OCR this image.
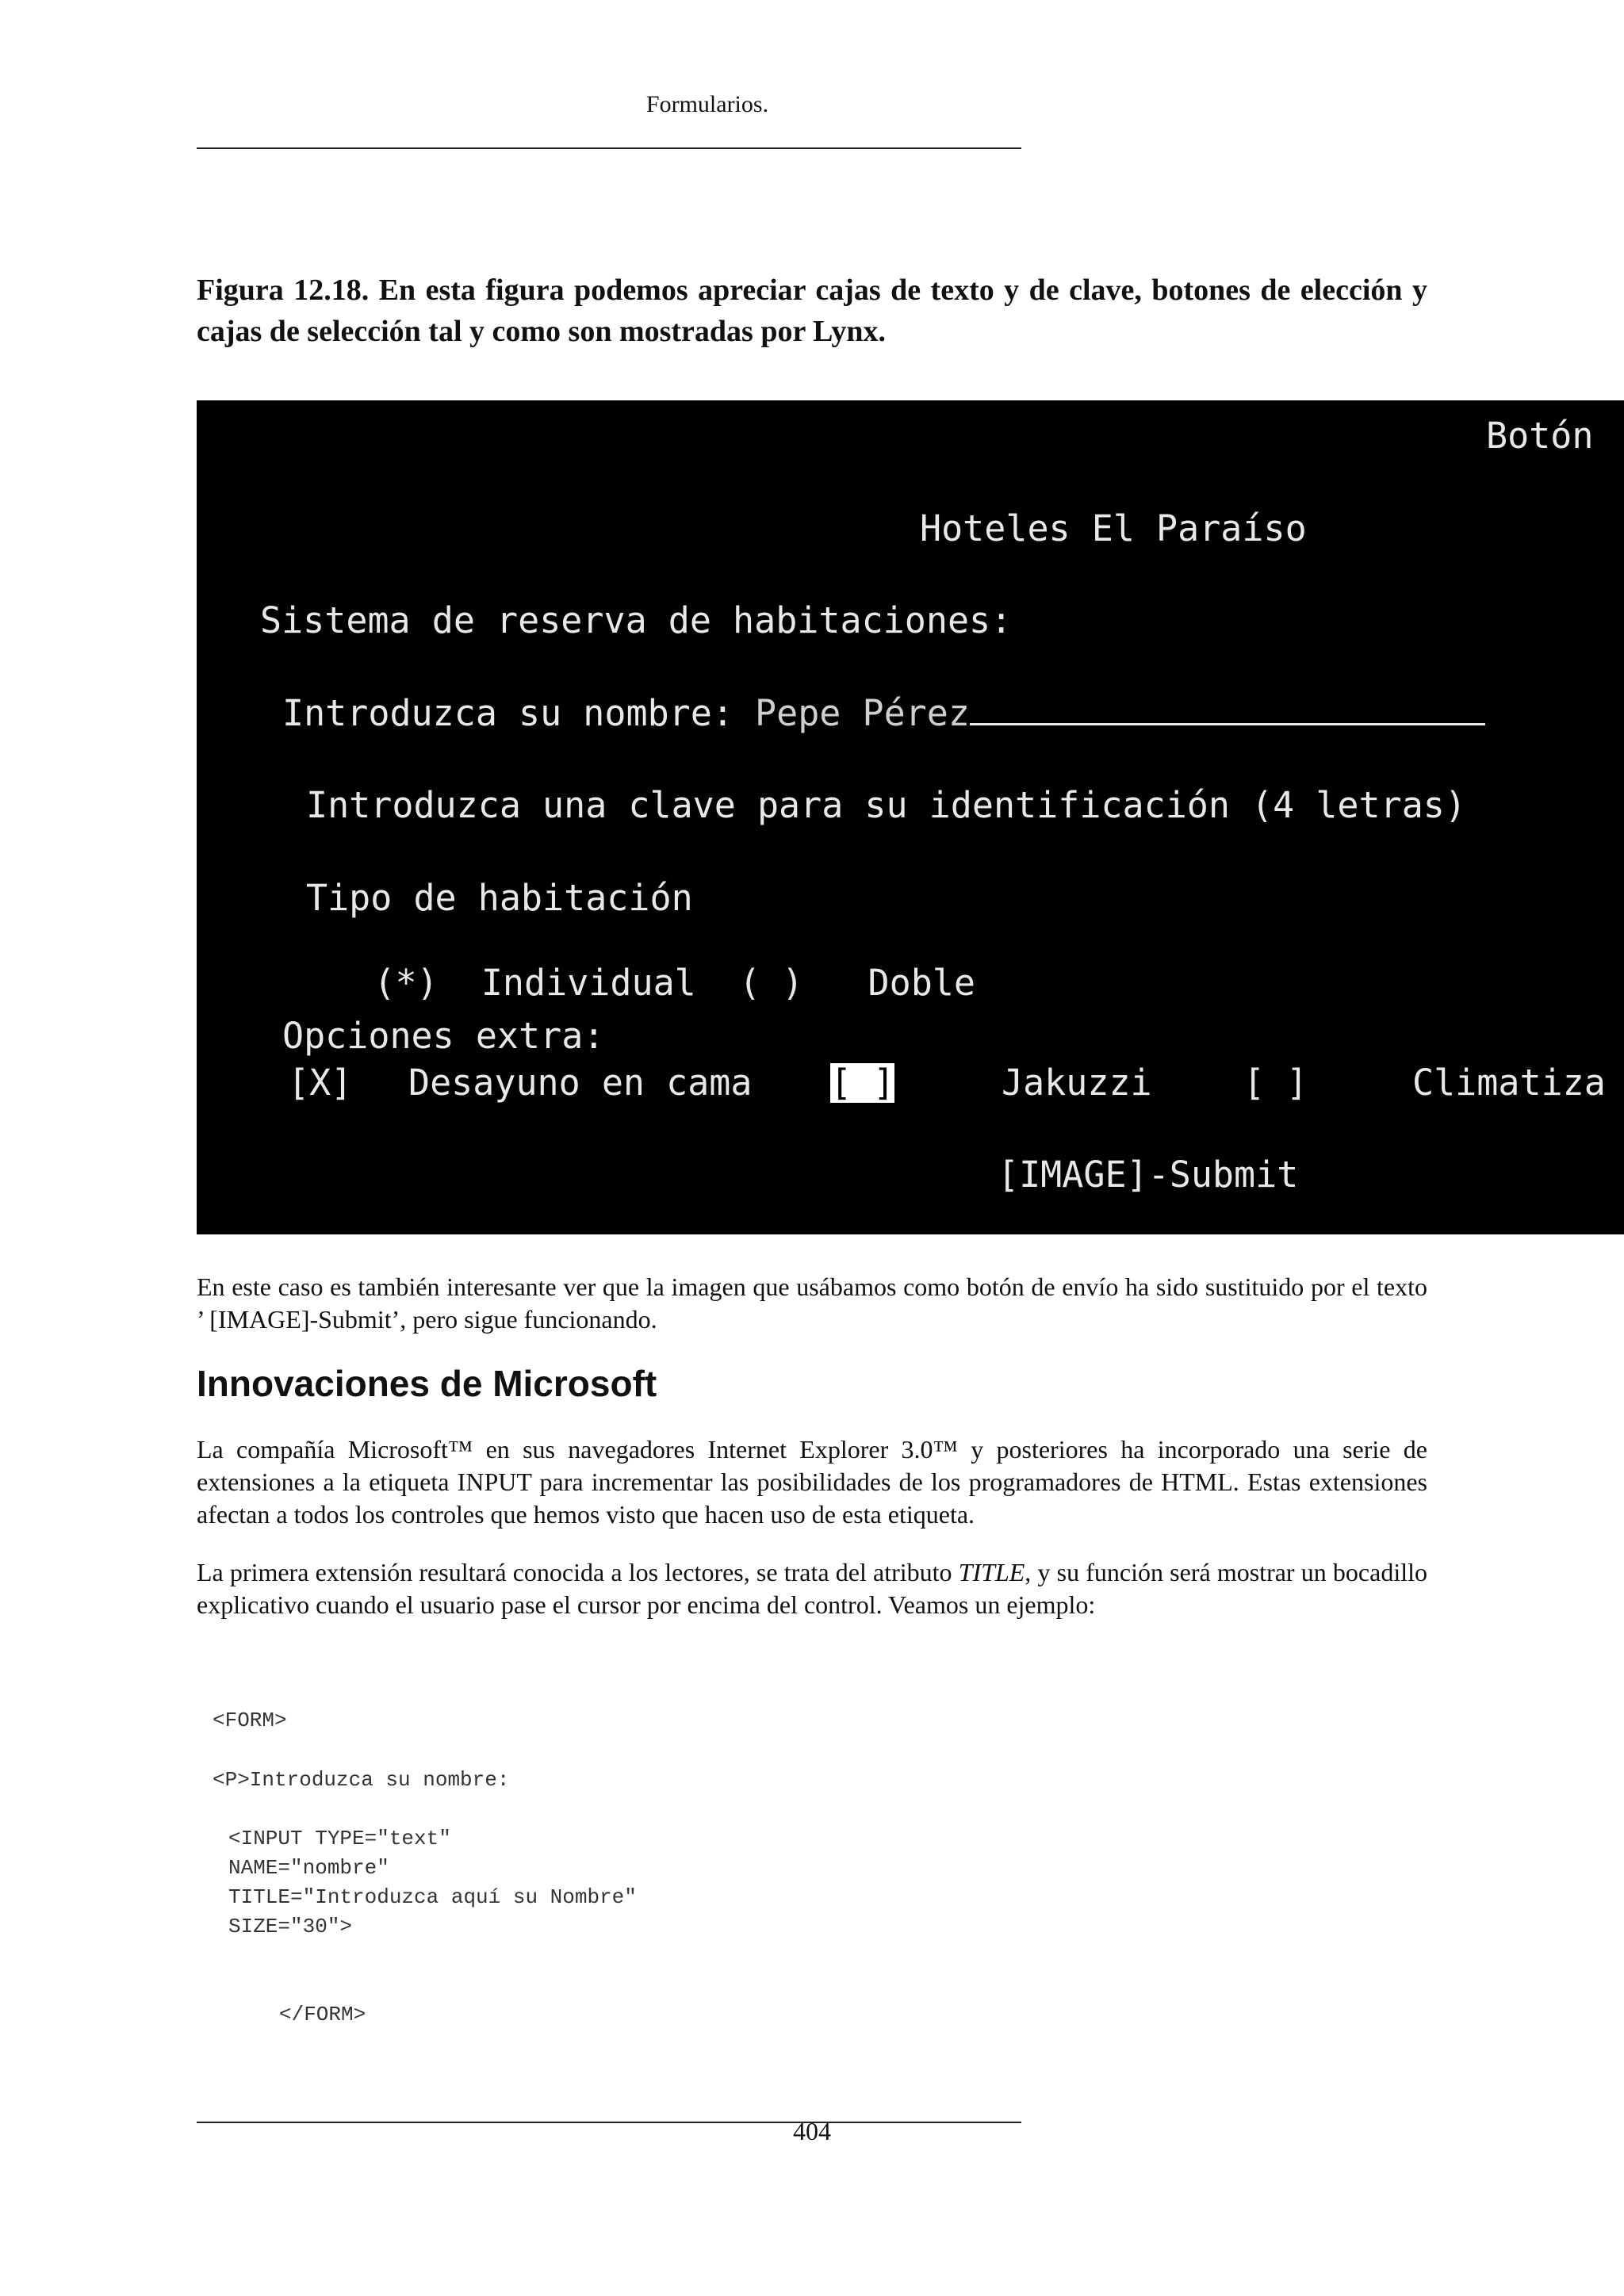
Formularios.
Figura 12.18. En esta figura podemos apreciar cajas de texto y de clave, botones de elección y cajas de selección tal y como son mostradas por Lynx.

Botón

Hoteles El Paraíso

Sistema de reserva de habitaciones:

Introduzca su nombre: Pepe Pérez

Introduzca una clave para su identificación (4 letras)

Tipo de habitación

(*) Individual ( ) Doble

Opciones extra:

[X]

Desayuno en cama

[ ]

	Jakuzzi

	[ ]

	Climatiza

[IMAGE]-Submit

En este caso es también interesante ver que la imagen que usábamos como botón de envío ha sido sustituido por el texto ’ [IMAGE]-Submit’, pero sigue funcionando.
Innovaciones de Microsoft
La compañía Microsoft™ en sus navegadores Internet Explorer 3.0™ y posteriores ha incorporado una serie de extensiones a la etiqueta INPUT para incrementar las posibilidades de los programadores de HTML. Estas extensiones afectan a todos los controles que hemos visto que hacen uso de esta etiqueta.
La primera extensión resultará conocida a los lectores, se trata del atributo TITLE, y su función será mostrar un bocadillo explicativo cuando el usuario pase el cursor por encima del control. Veamos un ejemplo:
<FORM>
<P>Introduzca su nombre:
<INPUT TYPE="text"
NAME="nombre"
TITLE="Introduzca aquí su Nombre"
SIZE="30">
</FORM>
404
